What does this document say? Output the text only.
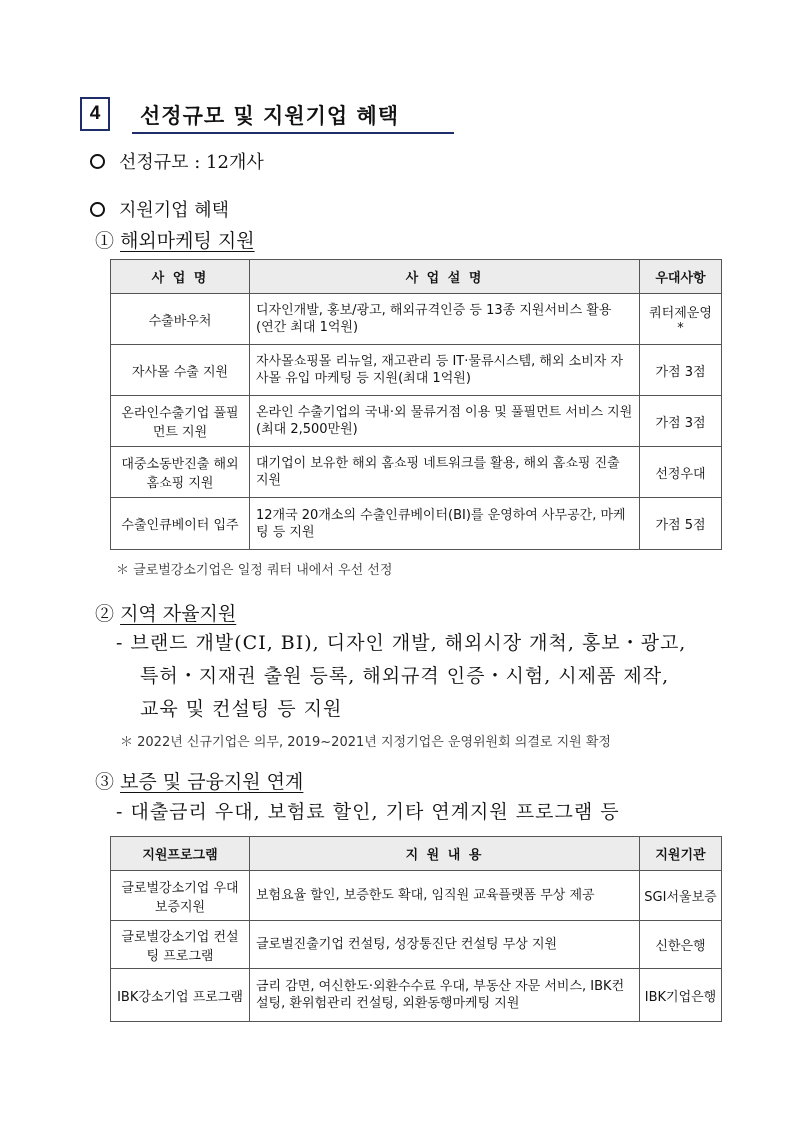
4	선정규모 및 지원기업 혜택
선정규모 : 12개사
지원기업 혜택
① 해외마케팅 지원
사 업 명	사 업 설 명	우대사항
수출바우처	디자인개발, 홍보/광고, 해외규격인증 등 13종 지원서비스 활용 (연간 최대 1억원)	쿼터제운영*
자사몰 수출 지원	자사몰쇼핑몰 리뉴얼, 재고관리 등 IT·물류시스템, 해외 소비자 자사몰 유입 마케팅 등 지원(최대 1억원)	가점 3점
온라인수출기업 풀필먼트 지원	온라인 수출기업의 국내·외 물류거점 이용 및 풀필먼트 서비스 지원(최대 2,500만원)	가점 3점
대중소동반진출 해외홈쇼핑 지원	대기업이 보유한 해외 홈쇼핑 네트워크를 활용, 해외 홈쇼핑 진출 지원	선정우대
수출인큐베이터 입주	12개국 20개소의 수출인큐베이터(BI)를 운영하여 사무공간, 마케팅 등 지원	가점 5점
＊ 글로벌강소기업은 일정 쿼터 내에서 우선 선정
② 지역 자율지원
- 브랜드 개발(CI, BI), 디자인 개발, 해외시장 개척, 홍보・광고,
특허・지재권 출원 등록, 해외규격 인증・시험, 시제품 제작,
교육 및 컨설팅 등 지원
＊ 2022년 신규기업은 의무, 2019~2021년 지정기업은 운영위원회 의결로 지원 확정
③ 보증 및 금융지원 연계
- 대출금리 우대, 보험료 할인, 기타 연계지원 프로그램 등
지원프로그램	지 원 내 용	지원기관
글로벌강소기업 우대 보증지원	보험요율 할인, 보증한도 확대, 임직원 교육플랫폼 무상 제공	SGI서울보증
글로벌강소기업 컨설팅 프로그램	글로벌진출기업 컨설팅, 성장통진단 컨설팅 무상 지원	신한은행
IBK강소기업 프로그램	금리 감면, 여신한도·외환수수료 우대, 부동산 자문 서비스, IBK컨설팅, 환위험관리 컨설팅, 외환동행마케팅 지원	IBK기업은행
